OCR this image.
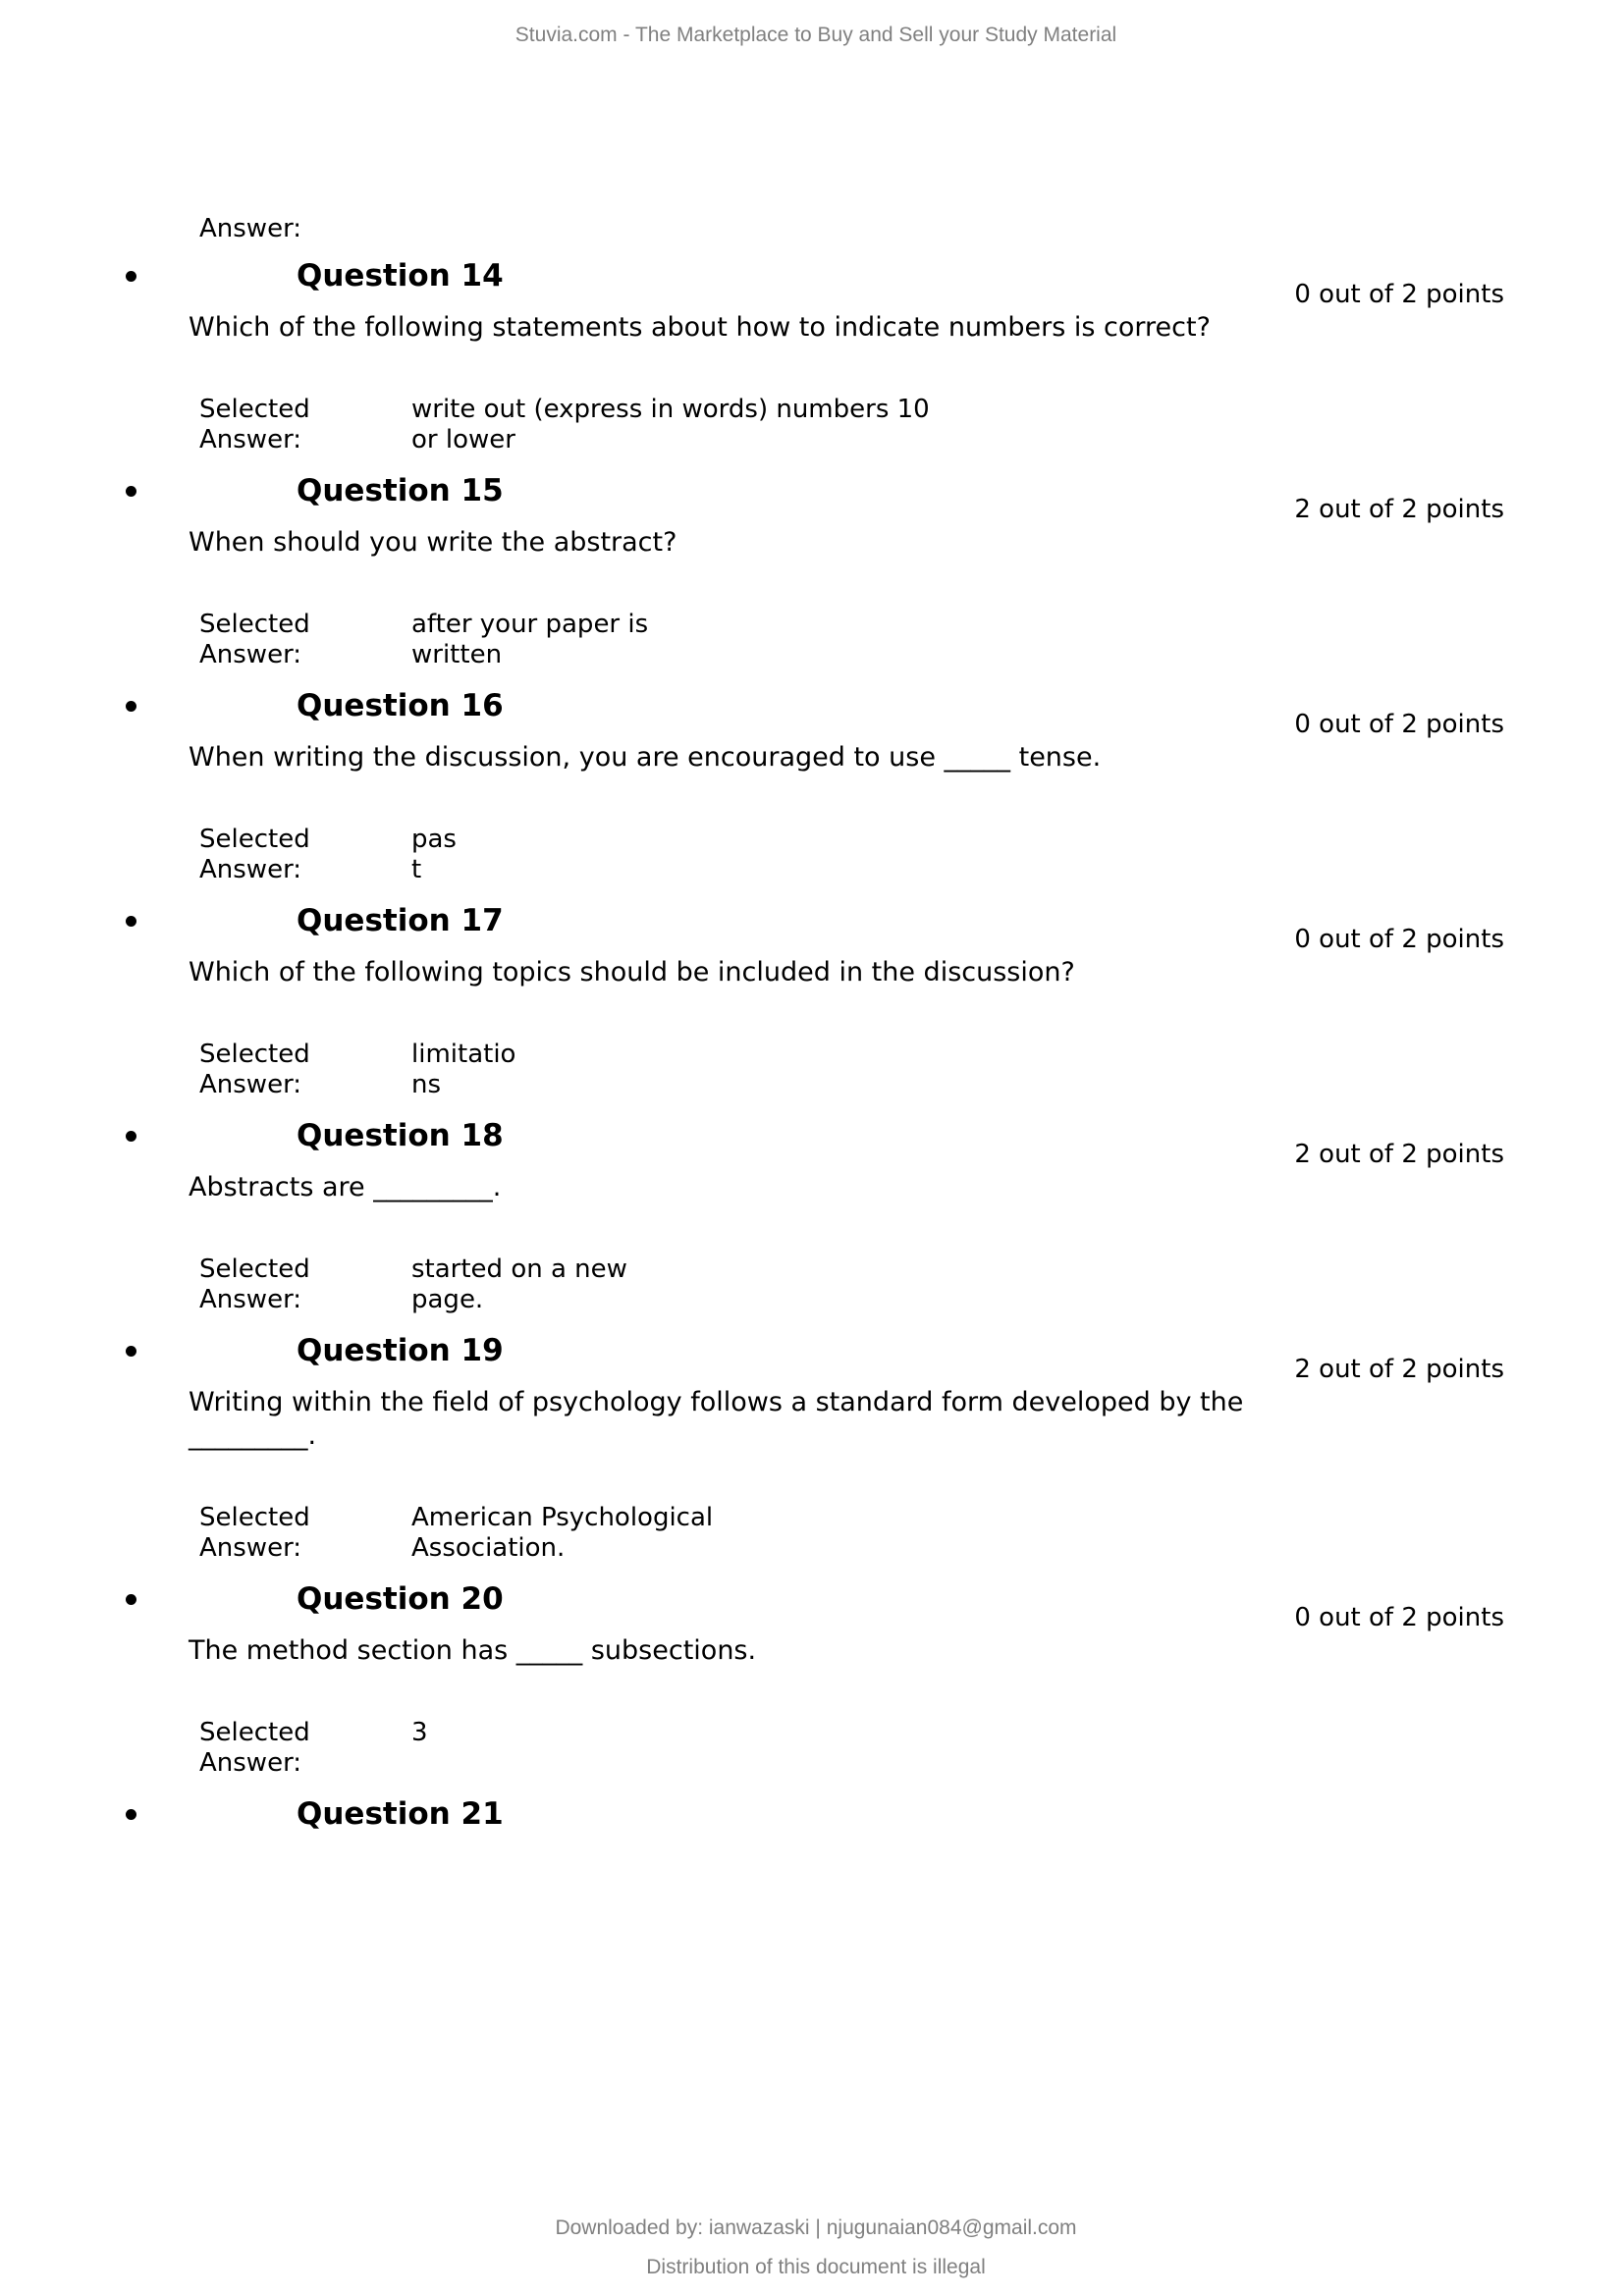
Stuvia.com - The Marketplace to Buy and Sell your Study Material
Answer:
Question 14
0 out of 2 points
Which of the following statements about how to indicate numbers is correct?
Selected
Answer:
write out (express in words) numbers 10
or lower
Question 15
2 out of 2 points
When should you write the abstract?
Selected
Answer:
after your paper is
written
Question 16
0 out of 2 points
When writing the discussion, you are encouraged to use _____ tense.
Selected
Answer:
pas
t
Question 17
0 out of 2 points
Which of the following topics should be included in the discussion?
Selected
Answer:
limitatio
ns
Question 18
2 out of 2 points
Abstracts are _________.
Selected
Answer:
started on a new
page.
Question 19
2 out of 2 points
Writing within the field of psychology follows a standard form developed by the _________.
Selected
Answer:
American Psychological
Association.
Question 20
0 out of 2 points
The method section has _____ subsections.
Selected
Answer:
3
Question 21
Downloaded by: ianwazaski | njugunaian084@gmail.com
Distribution of this document is illegal
